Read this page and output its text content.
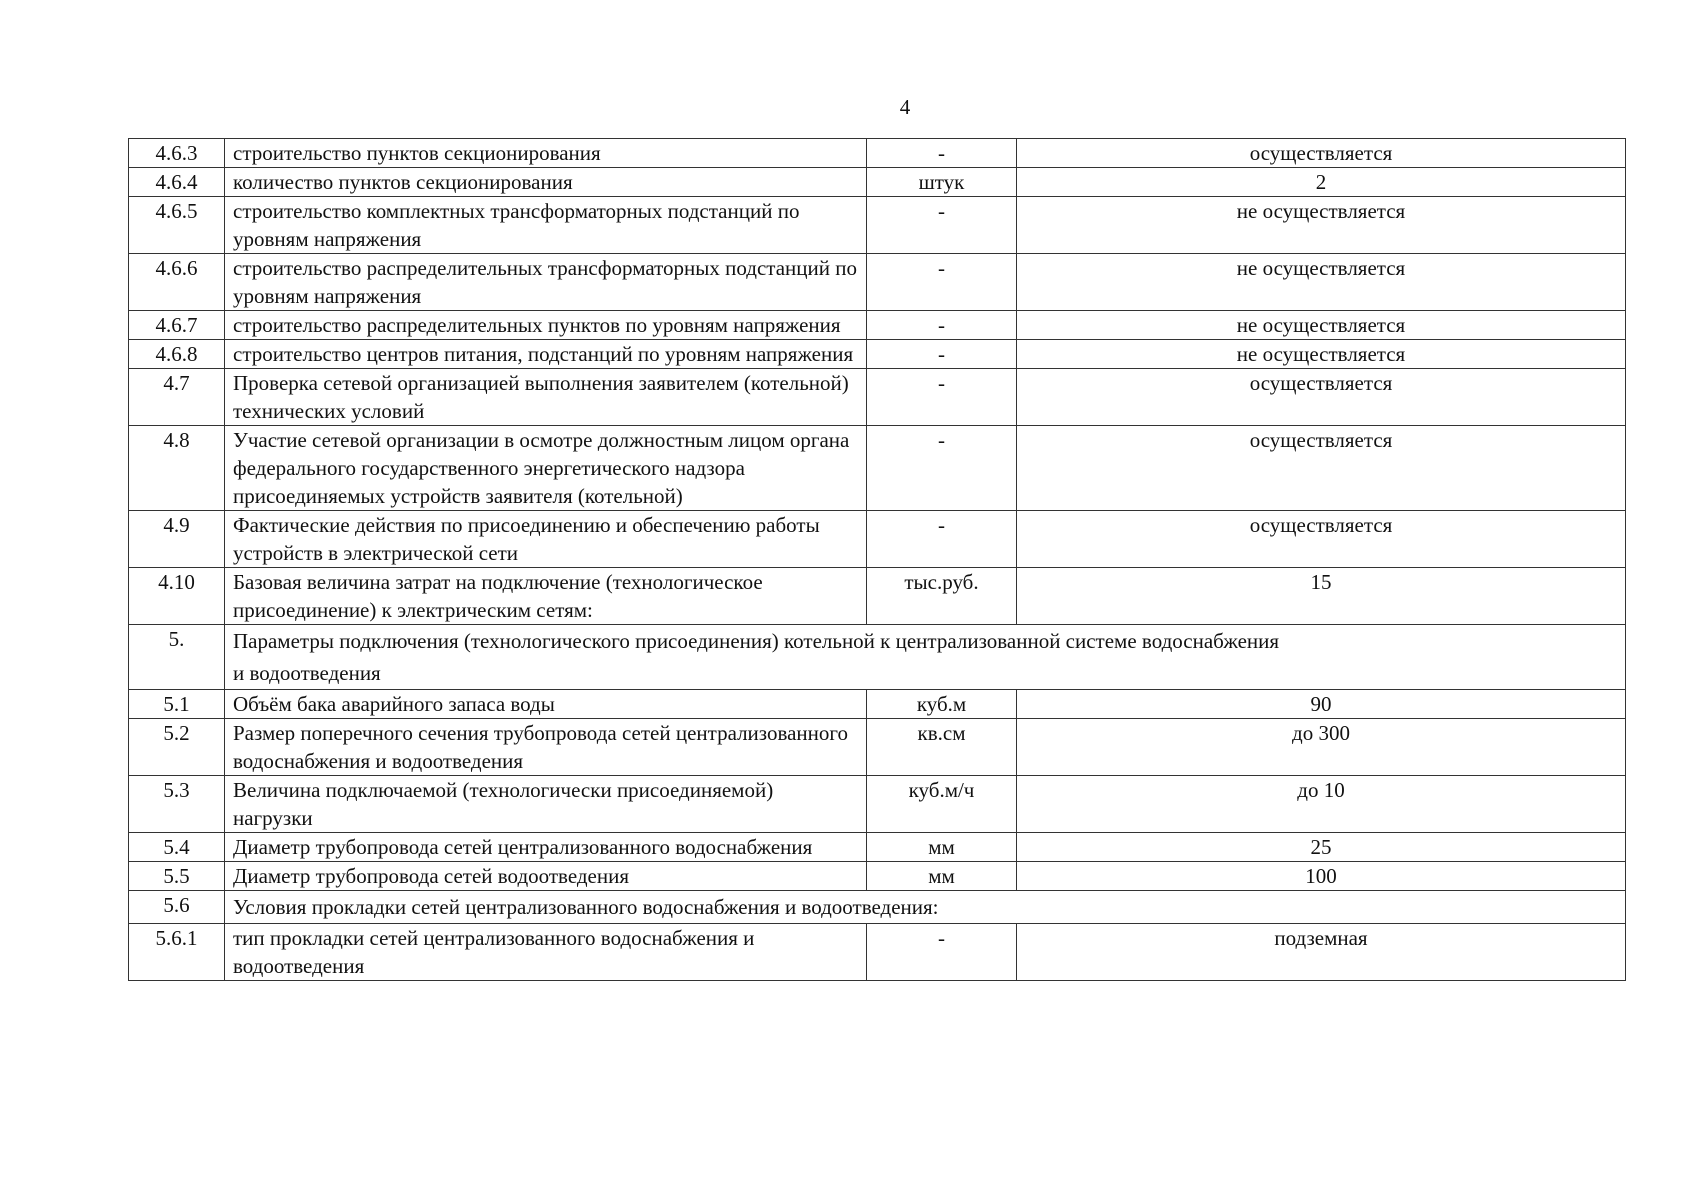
4
4.6.3	строительство пунктов секционирования	-	осуществляется
4.6.4	количество пунктов секционирования	штук	2
4.6.5	строительство комплектных трансформаторных подстанций по уровням напряжения	-	не осуществляется
4.6.6	строительство распределительных трансформаторных подстанций по уровням напряжения	-	не осуществляется
4.6.7	строительство распределительных пунктов по уровням напряжения	-	не осуществляется
4.6.8	строительство центров питания, подстанций по уровням напряжения	-	не осуществляется
4.7	Проверка сетевой организацией выполнения заявителем (котельной) технических условий	-	осуществляется
4.8	Участие сетевой организации в осмотре должностным лицом органа федерального государственного энергетического надзора присоединяемых устройств заявителя (котельной)	-	осуществляется
4.9	Фактические действия по присоединению и обеспечению работы устройств в электрической сети	-	осуществляется
4.10	Базовая величина затрат на подключение (технологическое присоединение) к электрическим сетям:	тыс.руб.	15
5.	Параметры подключения (технологического присоединения) котельной к централизованной системе водоснабжения
и водоотведения		

5.1	Объём бака аварийного запаса воды	куб.м	90
5.2	Размер поперечного сечения трубопровода сетей централизованного водоснабжения и водоотведения	кв.см	до 300
5.3	Величина подключаемой (технологически присоединяемой) нагрузки	куб.м/ч	до 10
5.4	Диаметр трубопровода сетей централизованного водоснабжения	мм	25
5.5	Диаметр трубопровода сетей водоотведения	мм	100
5.6	Условия прокладки сетей централизованного водоснабжения и водоотведения:		

5.6.1	тип прокладки сетей централизованного водоснабжения и водоотведения	-	подземная
